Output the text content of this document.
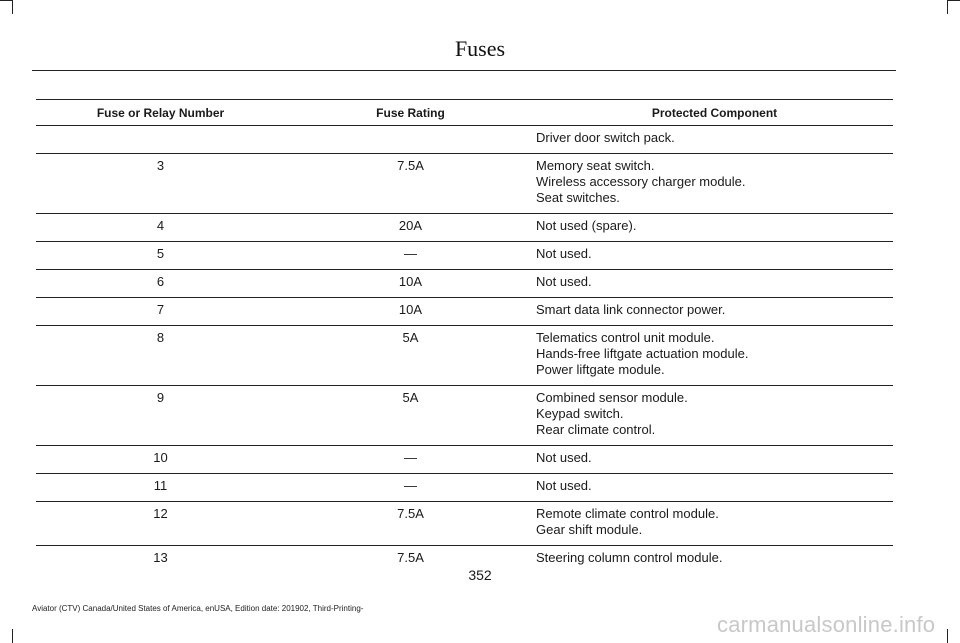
Fuses
Fuse or Relay Number	Fuse Rating	Protected Component

		Driver door switch pack.

3	7.5A	Memory seat switch.
Wireless accessory charger module.
Seat switches.

4	20A	Not used (spare).

5	—	Not used.

6	10A	Not used.

7	10A	Smart data link connector power.

8	5A	Telematics control unit module.
Hands-free liftgate actuation module.
Power liftgate module.

9	5A	Combined sensor module.
Keypad switch.
Rear climate control.

10	—	Not used.

11	—	Not used.

12	7.5A	Remote climate control module.
Gear shift module.

13	7.5A	Steering column control module.
352
Aviator (CTV) Canada/United States of America, enUSA, Edition date: 201902, Third-Printing-
carmanualsonline.info
